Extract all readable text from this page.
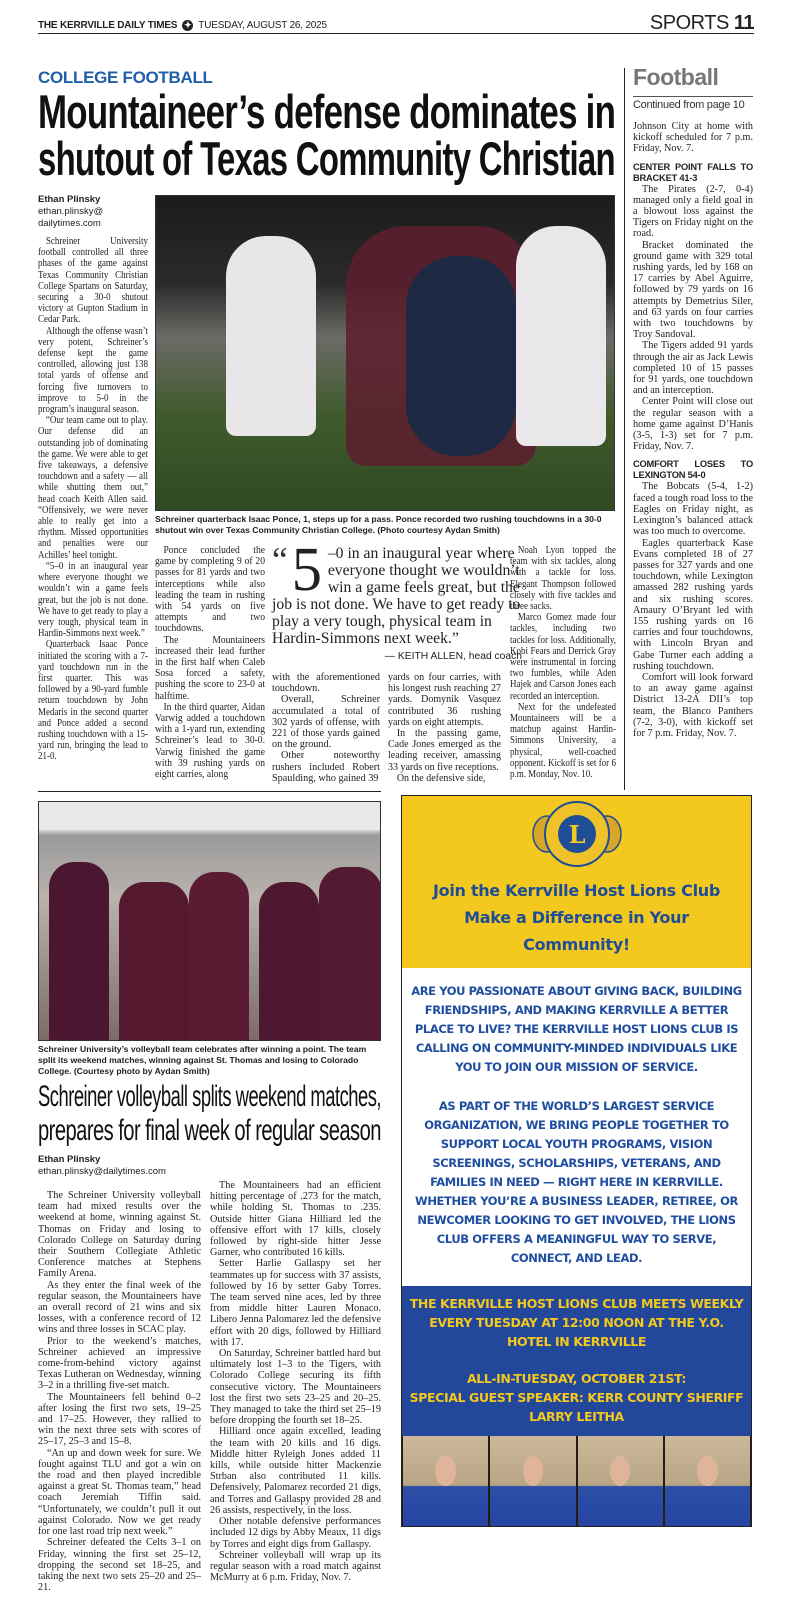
THE KERRVILLE DAILY TIMES ✦ TUESDAY, AUGUST 26, 2025	SPORTS 11
COLLEGE FOOTBALL
Mountaineer’s defense dominates in
shutout of Texas Community Christian
Ethan Plinsky
ethan.plinsky@
dailytimes.com

Schreiner University football controlled all three phases of the game against Texas Community Christian College Spartans on Saturday, securing a 30-0 shutout victory at Gupton Stadium in Cedar Park.

Although the offense wasn’t very potent, Schreiner’s defense kept the game controlled, allowing just 138 total yards of offense and forcing five turnovers to improve to 5-0 in the program’s inaugural season.

“Our team came out to play. Our defense did an outstanding job of dominating the game. We were able to get five takeaways, a defensive touchdown and a safety — all while shutting them out,” head coach Keith Allen said. “Offensively, we were never able to really get into a rhythm. Missed opportunities and penalties were our Achilles’ heel tonight.

“5–0 in an inaugural year where everyone thought we wouldn’t win a game feels great, but the job is not done. We have to get ready to play a very tough, physical team in Hardin-Simmons next week.”

Quarterback Isaac Ponce initiated the scoring with a 7-yard touchdown run in the first quarter. This was followed by a 90-yard fumble return touchdown by John Medaris in the second quarter and Ponce added a second rushing touchdown with a 15-yard run, bringing the lead to 21-0.

Schreiner quarterback Isaac Ponce, 1, steps up for a pass. Ponce recorded two rushing touchdowns in a 30-0 shutout win over Texas Community Christian College. (Photo courtesy Aydan Smith)

Ponce concluded the game by completing 9 of 20 passes for 81 yards and two interceptions while also leading the team in rushing with 54 yards on five attempts and two touchdowns.

The Mountaineers increased their lead further in the first half when Caleb Sosa forced a safety, pushing the score to 23-0 at halftime.

In the third quarter, Aidan Varwig added a touchdown with a 1-yard run, extending Schreiner’s lead to 30-0. Varwig finished the game with 39 rushing yards on eight carries, along

“ 5 –0 in an inaugural year where everyone thought we wouldn’t win a game feels great, but the job is not done. We have to get ready to play a very tough, physical team in Hardin-Simmons next week.”
— KEITH ALLEN, head coach

with the aforementioned touchdown.

Overall, Schreiner accumulated a total of 302 yards of offense, with 221 of those yards gained on the ground.

Other noteworthy rushers included Robert Spaulding, who gained 39

yards on four carries, with his longest rush reaching 27 yards. Domynik Vasquez contributed 36 rushing yards on eight attempts.

In the passing game, Cade Jones emerged as the leading receiver, amassing 33 yards on five receptions.

On the defensive side,

Noah Lyon topped the team with six tackles, along with a tackle for loss. Elegant Thompson followed closely with five tackles and three sacks.

Marco Gomez made four tackles, including two tackles for loss. Additionally, Kobi Fears and Derrick Gray were instrumental in forcing two fumbles, while Aden Hajek and Carson Jones each recorded an interception.

Next for the undefeated Mountaineers will be a matchup against Hardin-Simmons University, a physical, well-coached opponent. Kickoff is set for 6 p.m. Monday, Nov. 10.

Football
Continued from page 10

Johnson City at home with kickoff scheduled for 7 p.m. Friday, Nov. 7.

CENTER POINT FALLS TO BRACKET 41-3

The Pirates (2-7, 0-4) managed only a field goal in a blowout loss against the Tigers on Friday night on the road.

Bracket dominated the ground game with 329 total rushing yards, led by 168 on 17 carries by Abel Aguirre, followed by 79 yards on 16 attempts by Demetrius Siler, and 63 yards on four carries with two touchdowns by Troy Sandoval.

The Tigers added 91 yards through the air as Jack Lewis completed 10 of 15 passes for 91 yards, one touchdown and an interception.

Center Point will close out the regular season with a home game against D’Hanis (3-5, 1-3) set for 7 p.m. Friday, Nov. 7.

COMFORT LOSES TO LEXINGTON 54-0

The Bobcats (5-4, 1-2) faced a tough road loss to the Eagles on Friday night, as Lexington’s balanced attack was too much to overcome.

Eagles quarterback Kase Evans completed 18 of 27 passes for 327 yards and one touchdown, while Lexington amassed 282 rushing yards and six rushing scores. Amaury O’Bryant led with 155 rushing yards on 16 carries and four touchdowns, with Lincoln Bryan and Gabe Turner each adding a rushing touchdown.

Comfort will look forward to an away game against District 13-2A DII’s top team, the Blanco Panthers (7-2, 3-0), with kickoff set for 7 p.m. Friday, Nov. 7.

Schreiner University’s volleyball team celebrates after winning a point. The team split its weekend matches, winning against St. Thomas and losing to Colorado College. (Courtesy photo by Aydan Smith)
Schreiner volleyball splits weekend matches,
prepares for final week of regular season
Ethan Plinsky
ethan.plinsky@dailytimes.com

The Schreiner University volleyball team had mixed results over the weekend at home, winning against St. Thomas on Friday and losing to Colorado College on Saturday during their Southern Collegiate Athletic Conference matches at Stephens Family Arena.

As they enter the final week of the regular season, the Mountaineers have an overall record of 21 wins and six losses, with a conference record of 12 wins and three losses in SCAC play.

Prior to the weekend’s matches, Schreiner achieved an impressive come-from-behind victory against Texas Lutheran on Wednesday, winning 3–2 in a thrilling five-set match.

The Mountaineers fell behind 0–2 after losing the first two sets, 19–25 and 17–25. However, they rallied to win the next three sets with scores of 25–17, 25–3 and 15–8.

“An up and down week for sure. We fought against TLU and got a win on the road and then played incredible against a great St. Thomas team,” head coach Jeremiah Tiffin said. “Unfortunately, we couldn’t pull it out against Colorado. Now we get ready for one last road trip next week.”

Schreiner defeated the Celts 3–1 on Friday, winning the first set 25–12, dropping the second set 18–25, and taking the next two sets 25–20 and 25–21.

The Mountaineers had an efficient hitting percentage of .273 for the match, while holding St. Thomas to .235. Outside hitter Giana Hilliard led the offensive effort with 17 kills, closely followed by right-side hitter Jesse Garner, who contributed 16 kills.

Setter Harlie Gallaspy set her teammates up for success with 37 assists, followed by 16 by setter Gaby Torres. The team served nine aces, led by three from middle hitter Lauren Monaco. Libero Jenna Palomarez led the defensive effort with 20 digs, followed by Hilliard with 17.

On Saturday, Schreiner battled hard but ultimately lost 1–3 to the Tigers, with Colorado College securing its fifth consecutive victory. The Mountaineers lost the first two sets 23–25 and 20–25. They managed to take the third set 25–19 before dropping the fourth set 18–25.

Hilliard once again excelled, leading the team with 20 kills and 16 digs. Middle hitter Ryleigh Jones added 11 kills, while outside hitter Mackenzie Strban also contributed 11 kills. Defensively, Palomarez recorded 21 digs, and Torres and Gallaspy provided 28 and 26 assists, respectively, in the loss.

Other notable defensive performances included 12 digs by Abby Meaux, 11 digs by Torres and eight digs from Gallaspy.

Schreiner volleyball will wrap up its regular season with a road match against McMurry at 6 p.m. Friday, Nov. 7.

L
Join the Kerrville Host Lions Club
Make a Difference in Your
Community!
ARE YOU PASSIONATE ABOUT GIVING BACK, BUILDING FRIENDSHIPS, AND MAKING KERRVILLE A BETTER PLACE TO LIVE? THE KERRVILLE HOST LIONS CLUB IS CALLING ON COMMUNITY-MINDED INDIVIDUALS LIKE YOU TO JOIN OUR MISSION OF SERVICE.
AS PART OF THE WORLD’S LARGEST SERVICE ORGANIZATION, WE BRING PEOPLE TOGETHER TO SUPPORT LOCAL YOUTH PROGRAMS, VISION SCREENINGS, SCHOLARSHIPS, VETERANS, AND FAMILIES IN NEED — RIGHT HERE IN KERRVILLE. WHETHER YOU’RE A BUSINESS LEADER, RETIREE, OR NEWCOMER LOOKING TO GET INVOLVED, THE LIONS CLUB OFFERS A MEANINGFUL WAY TO SERVE, CONNECT, AND LEAD.
THE KERRVILLE HOST LIONS CLUB MEETS WEEKLY EVERY TUESDAY AT 12:00 NOON AT THE Y.O. HOTEL IN KERRVILLE
ALL-IN-TUESDAY, OCTOBER 21ST:
SPECIAL GUEST SPEAKER: KERR COUNTY SHERIFF LARRY LEITHA
